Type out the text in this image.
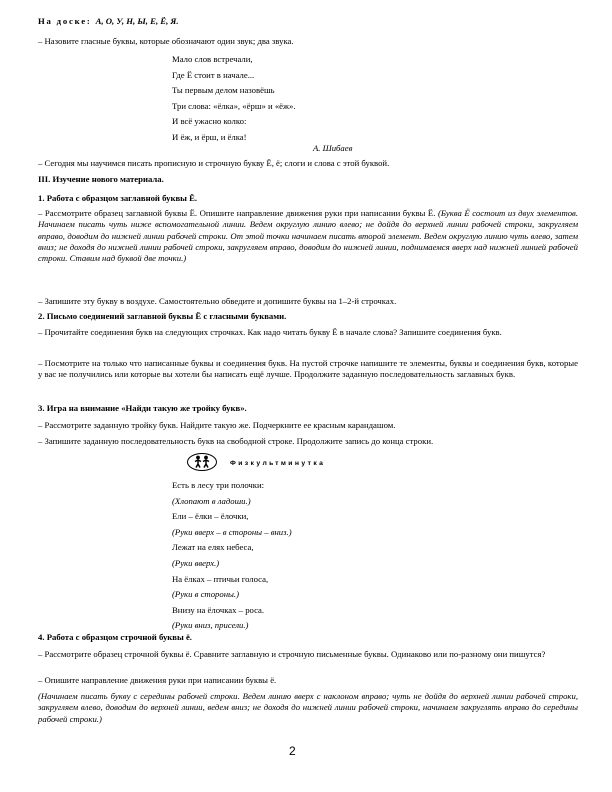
На доске: А, О, У, Н, Ы, Е, Ё, Я.
– Назовите гласные буквы, которые обозначают один звук; два звука.
Мало слов встречали,
Где Ё стоит в начале...
Ты первым делом назовёшь
Три слова: «ёлка», «ёрш» и «ёж».
И всё ужасно колко:
И ёж, и ёрш, и ёлка!
А. Шибаев
– Сегодня мы научимся писать прописную и строчную букву Ё, ё; слоги и слова с этой буквой.
III. Изучение нового материала.
1. Работа с образцом заглавной буквы Ё.
– Рассмотрите образец заглавной буквы Ё. Опишите направление движения руки при написании буквы Ё. (Буква Ё состоит из двух элементов. Начинаем писать чуть ниже вспомогательной линии. Ведем округлую линию влево; не дойдя до верхней линии рабочей строки, закругляем вправо, доводим до нижней линии рабочей строки. От этой точки начинаем писать второй элемент. Ведем округлую линию чуть влево, затем вниз; не доходя до нижней линии рабочей строки, закругляем вправо, доводим до нижней линии, поднимаемся вверх над нижней линией рабочей строки. Ставим над буквой две точки.)
– Запишите эту букву в воздухе. Самостоятельно обведите и допишите буквы на 1–2-й строчках.
2. Письмо соединений заглавной буквы Ё с гласными буквами.
– Прочитайте соединения букв на следующих строчках. Как надо читать букву Ё в начале слова? Запишите соединения букв.
– Посмотрите на только что написанные буквы и соединения букв. На пустой строчке напишите те элементы, буквы и соединения букв, которые у вас не получились или которые вы хотели бы написать ещё лучше. Продолжите заданную последовательность заглавных букв.
3. Игра на внимание «Найди такую же тройку букв».
– Рассмотрите заданную тройку букв. Найдите такую же. Подчеркните ее красным карандашом.
– Запишите заданную последовательность букв на свободной строке. Продолжите запись до конца строки.
Физкультминутка
Есть в лесу три полочки:
(Хлопают в ладоши.)
Ели – ёлки – ёлочки,
(Руки вверх – в стороны – вниз.)
Лежат на елях небеса,
(Руки вверх.)
На ёлках – птичьи голоса,
(Руки в стороны.)
Внизу на ёлочках – роса.
(Руки вниз, присели.)
4. Работа с образцом строчной буквы ё.
– Рассмотрите образец строчной буквы ё. Сравните заглавную и строчную письменные буквы. Одинаково или по-разному они пишутся?
– Опишите направление движения руки при написании буквы ё.
(Начинаем писать букву с середины рабочей строки. Ведем линию вверх с наклоном вправо; чуть не дойдя до верхней линии рабочей строки, закругляем влево, доводим до верхней линии, ведем вниз; не доходя до нижней линии рабочей строки, начинаем закруглять вправо до середины рабочей строки.)
2
